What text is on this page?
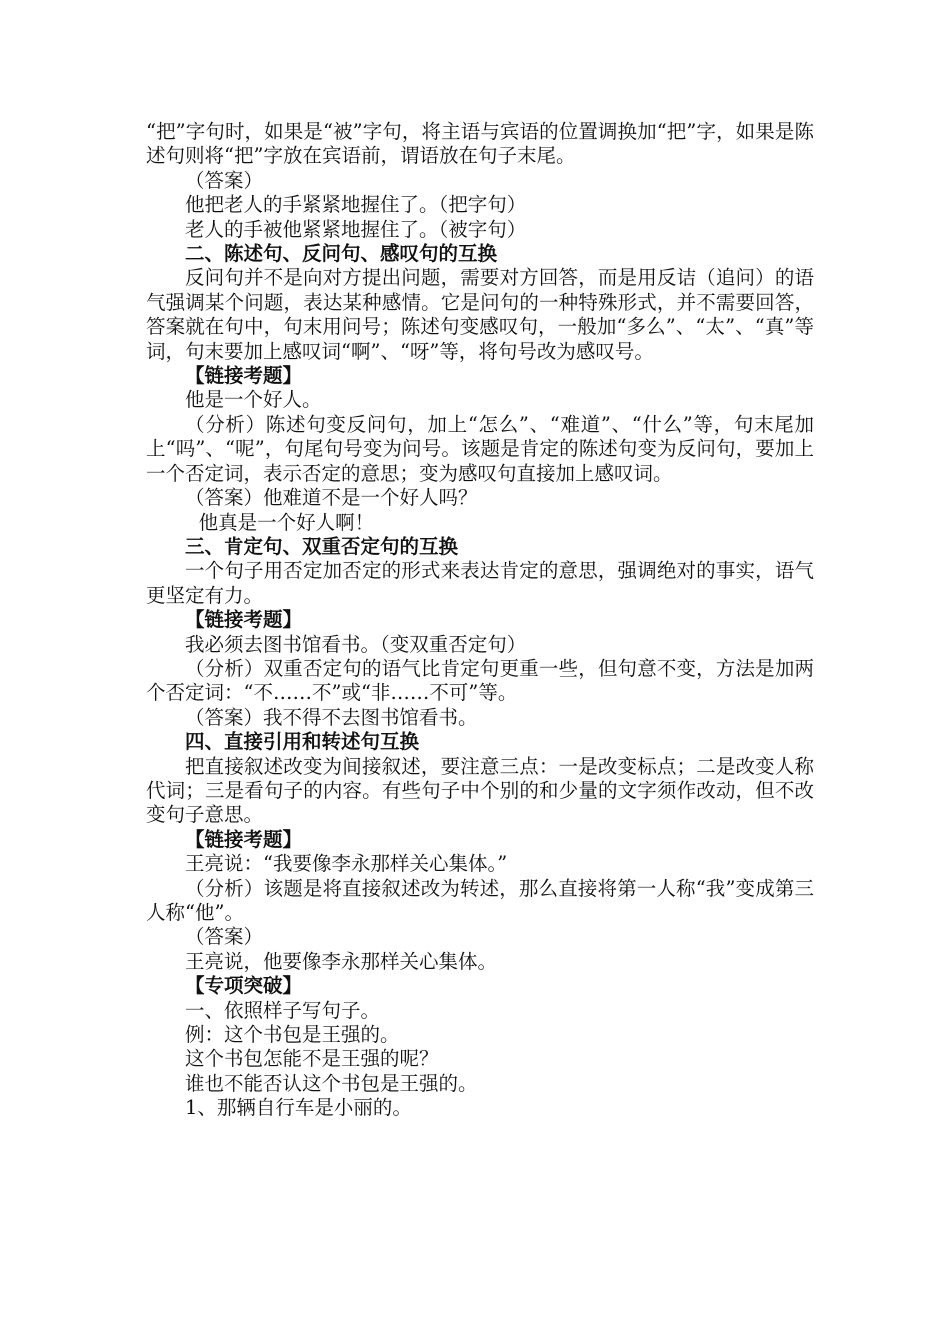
“把”字句时，如果是“被”字句，将主语与宾语的位置调换加“把”字，如果是陈述句则将“把”字放在宾语前，谓语放在句子末尾。

（答案）

他把老人的手紧紧地握住了。（把字句）

老人的手被他紧紧地握住了。（被字句）

二、陈述句、反问句、感叹句的互换

反问句并不是向对方提出问题，需要对方回答，而是用反诘（追问）的语气强调某个问题，表达某种感情。它是问句的一种特殊形式，并不需要回答，答案就在句中，句末用问号；陈述句变感叹句，一般加“多么”、“太”、“真”等词，句末要加上感叹词“啊”、“呀”等，将句号改为感叹号。

【链接考题】

他是一个好人。

（分析）陈述句变反问句，加上“怎么”、“难道”、“什么”等，句末尾加上“吗”、“呢”，句尾句号变为问号。该题是肯定的陈述句变为反问句，要加上一个否定词，表示否定的意思；变为感叹句直接加上感叹词。

（答案）他难道不是一个好人吗？

他真是一个好人啊！

三、肯定句、双重否定句的互换

一个句子用否定加否定的形式来表达肯定的意思，强调绝对的事实，语气更坚定有力。

【链接考题】

我必须去图书馆看书。（变双重否定句）

（分析）双重否定句的语气比肯定句更重一些，但句意不变，方法是加两个否定词：“不……不”或“非……不可”等。

（答案）我不得不去图书馆看书。

四、直接引用和转述句互换

把直接叙述改变为间接叙述，要注意三点：一是改变标点；二是改变人称代词；三是看句子的内容。有些句子中个别的和少量的文字须作改动，但不改变句子意思。

【链接考题】

王亮说：“我要像李永那样关心集体。”

（分析）该题是将直接叙述改为转述，那么直接将第一人称“我”变成第三人称“他”。

（答案）

王亮说，他要像李永那样关心集体。

【专项突破】

一、依照样子写句子。

例：这个书包是王强的。

这个书包怎能不是王强的呢？

谁也不能否认这个书包是王强的。

1、那辆自行车是小丽的。
